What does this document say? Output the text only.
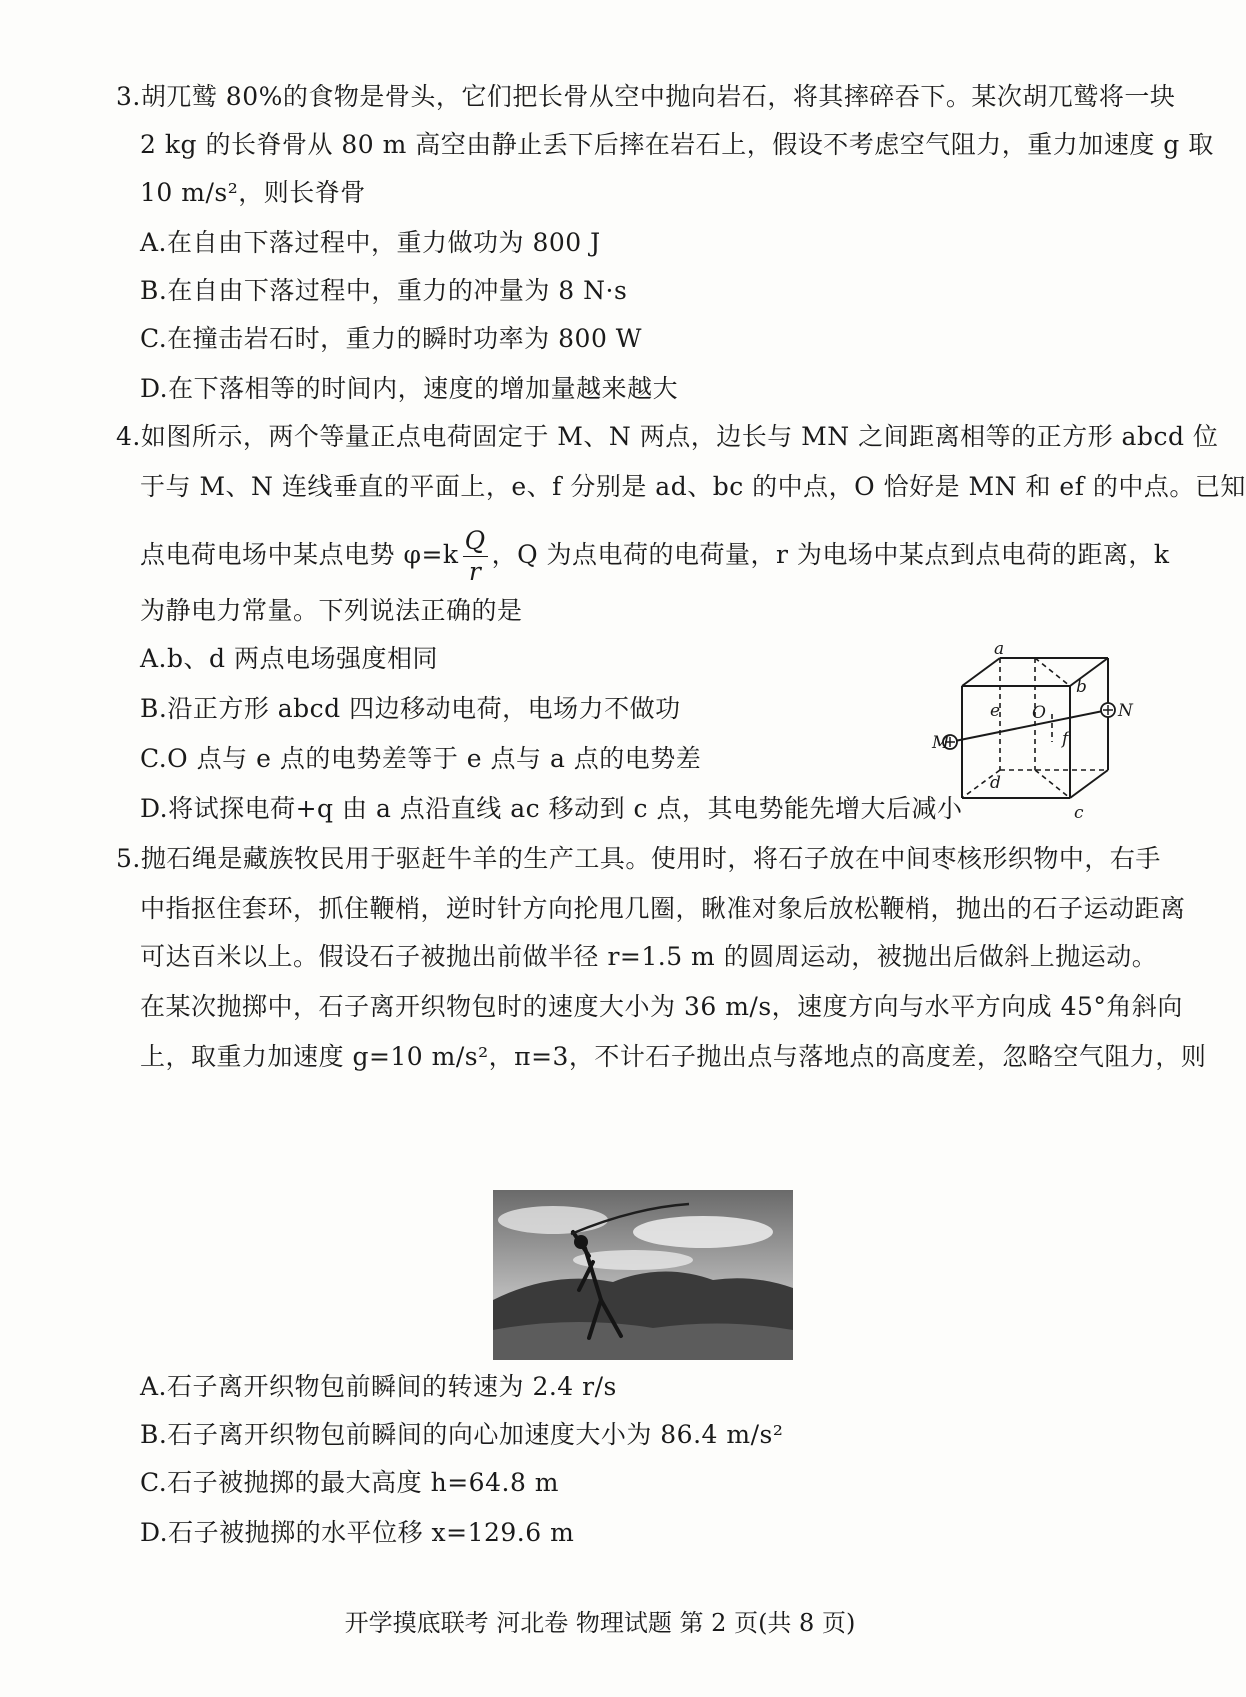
3.胡兀鹫 80%的食物是骨头，它们把长骨从空中抛向岩石，将其摔碎吞下。某次胡兀鹫将一块
2 kg 的长脊骨从 80 m 高空由静止丢下后摔在岩石上，假设不考虑空气阻力，重力加速度 g 取
10 m/s²，则长脊骨
A.在自由下落过程中，重力做功为 800 J
B.在自由下落过程中，重力的冲量为 8 N·s
C.在撞击岩石时，重力的瞬时功率为 800 W
D.在下落相等的时间内，速度的增加量越来越大
4.如图所示，两个等量正点电荷固定于 M、N 两点，边长与 MN 之间距离相等的正方形 abcd 位
于与 M、N 连线垂直的平面上，e、f 分别是 ad、bc 的中点，O 恰好是 MN 和 ef 的中点。已知
点电荷电场中某点电势 $\varphi=k \frac{Q}{r}$ ，Q 为点电荷的电荷量，r 为电场中某点到点电荷的距离，k
为静电力常量。下列说法正确的是
A.b、d 两点电场强度相同
B.沿正方形 abcd 四边移动电荷，电场力不做功
C.O 点与 e 点的电势差等于 e 点与 a 点的电势差
D.将试探电荷+q 由 a 点沿直线 ac 移动到 c 点，其电势能先增大后减小
a
b
c
d
e
f
O
M
N
5.抛石绳是藏族牧民用于驱赶牛羊的生产工具。使用时，将石子放在中间枣核形织物中，右手
中指抠住套环，抓住鞭梢，逆时针方向抡甩几圈，瞅准对象后放松鞭梢，抛出的石子运动距离
可达百米以上。假设石子被抛出前做半径 r=1.5 m 的圆周运动，被抛出后做斜上抛运动。
在某次抛掷中，石子离开织物包时的速度大小为 36 m/s，速度方向与水平方向成 45°角斜向
上，取重力加速度 g=10 m/s²，π=3，不计石子抛出点与落地点的高度差，忽略空气阻力，则
A.石子离开织物包前瞬间的转速为 2.4 r/s
B.石子离开织物包前瞬间的向心加速度大小为 86.4 m/s²
C.石子被抛掷的最大高度 h=64.8 m
D.石子被抛掷的水平位移 x=129.6 m
开学摸底联考 河北卷 物理试题 第 2 页(共 8 页)
